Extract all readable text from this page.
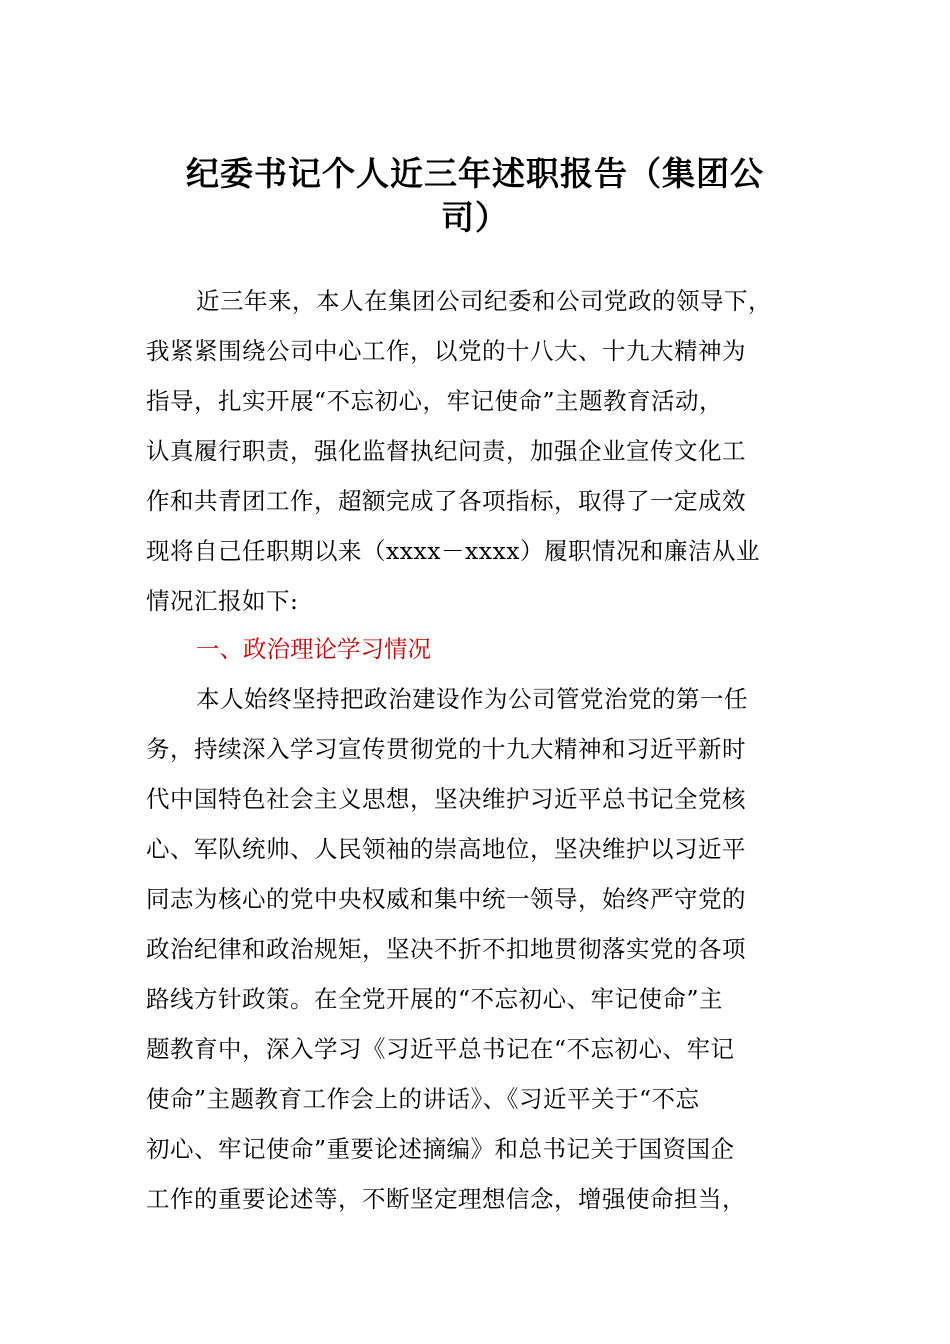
纪委书记个人近三年述职报告（集团公
司）
近三年来，本人在集团公司纪委和公司党政的领导下，
我紧紧围绕公司中心工作，以党的十八大、十九大精神为
指导，扎实开展“不忘初心，牢记使命”主题教育活动，
认真履行职责，强化监督执纪问责，加强企业宣传文化工
作和共青团工作，超额完成了各项指标，取得了一定成效
现将自己任职期以来（xxxx－xxxx）履职情况和廉洁从业
情况汇报如下:
一、政治理论学习情况
本人始终坚持把政治建设作为公司管党治党的第一任
务，持续深入学习宣传贯彻党的十九大精神和习近平新时
代中国特色社会主义思想，坚决维护习近平总书记全党核
心、军队统帅、人民领袖的崇高地位，坚决维护以习近平
同志为核心的党中央权威和集中统一领导，始终严守党的
政治纪律和政治规矩，坚决不折不扣地贯彻落实党的各项
路线方针政策。在全党开展的“不忘初心、牢记使命”主
题教育中，深入学习《习近平总书记在“不忘初心、牢记
使命”主题教育工作会上的讲话》、《习近平关于“不忘
初心、牢记使命”重要论述摘编》和总书记关于国资国企
工作的重要论述等，不断坚定理想信念，增强使命担当，
